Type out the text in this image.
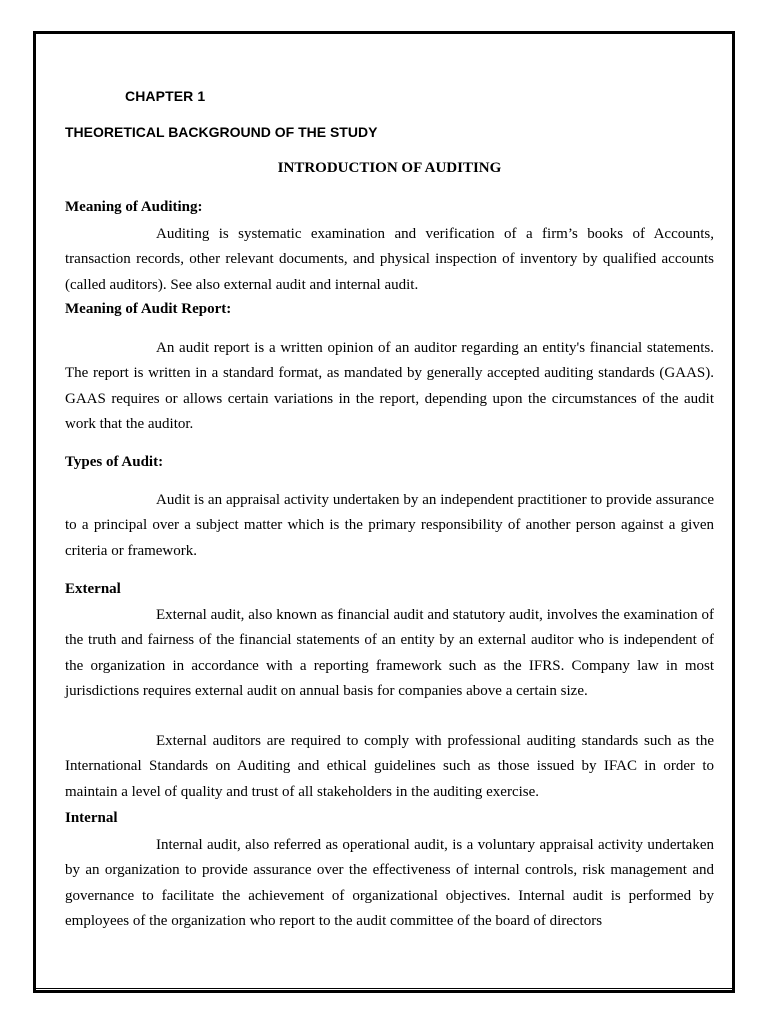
CHAPTER 1
THEORETICAL BACKGROUND OF THE STUDY
INTRODUCTION OF AUDITING
Meaning of Auditing:

Auditing is systematic examination and verification of a firm’s books of Accounts, transaction records, other relevant documents, and physical inspection of inventory by qualified accounts (called auditors). See also external audit and internal audit.

Meaning of Audit Report:

An audit report is a written opinion of an auditor regarding an entity's financial statements. The report is written in a standard format, as mandated by generally accepted auditing standards (GAAS). GAAS requires or allows certain variations in the report, depending upon the circumstances of the audit work that the auditor.

Types of Audit:

Audit is an appraisal activity undertaken by an independent practitioner to provide assurance to a principal over a subject matter which is the primary responsibility of another person against a given criteria or framework.

External

External audit, also known as financial audit and statutory audit, involves the examination of the truth and fairness of the financial statements of an entity by an external auditor who is independent of the organization in accordance with a reporting framework such as the IFRS. Company law in most jurisdictions requires external audit on annual basis for companies above a certain size.

External auditors are required to comply with professional auditing standards such as the International Standards on Auditing and ethical guidelines such as those issued by IFAC in order to maintain a level of quality and trust of all stakeholders in the auditing exercise.

Internal

Internal audit, also referred as operational audit, is a voluntary appraisal activity undertaken by an organization to provide assurance over the effectiveness of internal controls, risk management and governance to facilitate the achievement of organizational objectives. Internal audit is performed by employees of the organization who report to the audit committee of the board of directors
